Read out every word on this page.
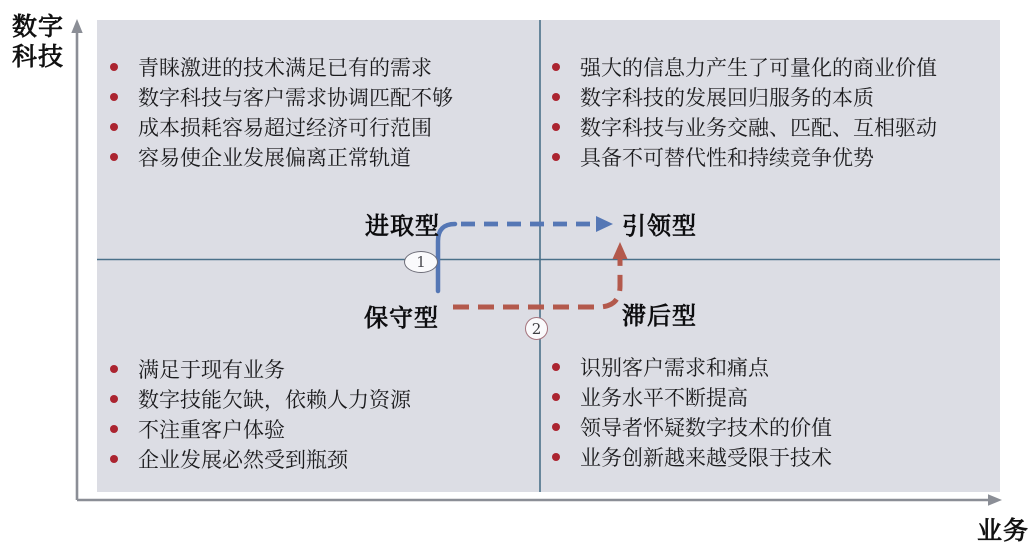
数字
科技
业务
青睐激进的技术满足已有的需求
数字科技与客户需求协调匹配不够
成本损耗容易超过经济可行范围
容易使企业发展偏离正常轨道
强大的信息力产生了可量化的商业价值
数字科技的发展回归服务的本质
数字科技与业务交融、匹配、互相驱动
具备不可替代性和持续竞争优势
满足于现有业务
数字技能欠缺，依赖人力资源
不注重客户体验
企业发展必然受到瓶颈
识别客户需求和痛点
业务水平不断提高
领导者怀疑数字技术的价值
业务创新越来越受限于技术
进取型	引领型
保守型	滞后型
1
2
